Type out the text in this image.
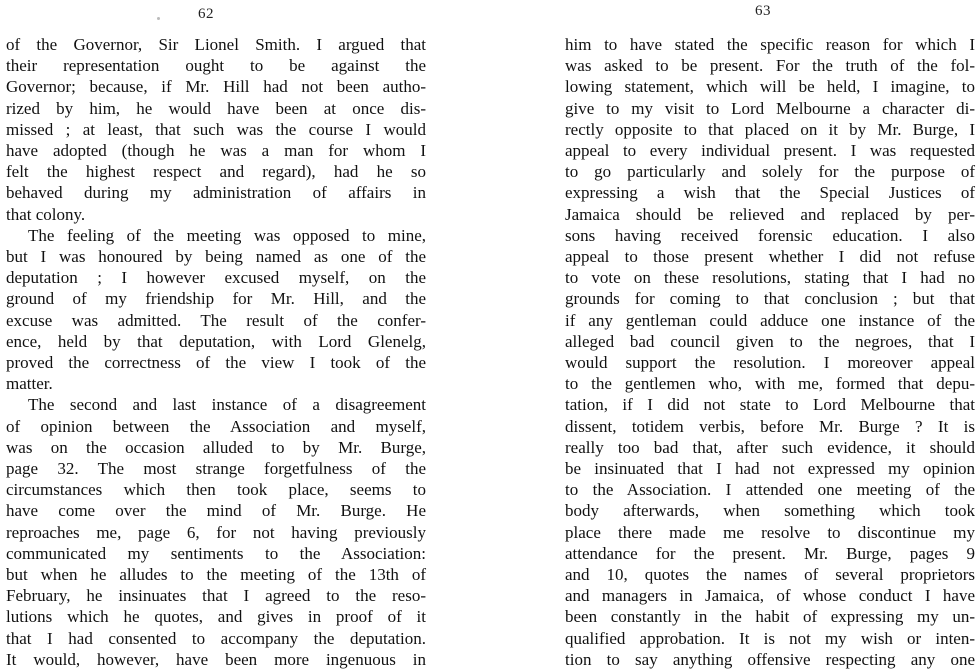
62
of the Governor, Sir Lionel Smith. I argued that
their representation ought to be against the
Governor; because, if Mr. Hill had not been autho-
rized by him, he would have been at once dis-
missed ; at least, that such was the course I would
have adopted (though he was a man for whom I
felt the highest respect and regard), had he so
behaved during my administration of affairs in
that colony.
The feeling of the meeting was opposed to mine,
but I was honoured by being named as one of the
deputation ; I however excused myself, on the
ground of my friendship for Mr. Hill, and the
excuse was admitted. The result of the confer-
ence, held by that deputation, with Lord Glenelg,
proved the correctness of the view I took of the
matter.
The second and last instance of a disagreement
of opinion between the Association and myself,
was on the occasion alluded to by Mr. Burge,
page 32. The most strange forgetfulness of the
circumstances which then took place, seems to
have come over the mind of Mr. Burge. He
reproaches me, page 6, for not having previously
communicated my sentiments to the Association:
but when he alludes to the meeting of the 13th of
February, he insinuates that I agreed to the reso-
lutions which he quotes, and gives in proof of it
that I had consented to accompany the deputation.
It would, however, have been more ingenuous in
63
him to have stated the specific reason for which I
was asked to be present. For the truth of the fol-
lowing statement, which will be held, I imagine, to
give to my visit to Lord Melbourne a character di-
rectly opposite to that placed on it by Mr. Burge, I
appeal to every individual present. I was requested
to go particularly and solely for the purpose of
expressing a wish that the Special Justices of
Jamaica should be relieved and replaced by per-
sons having received forensic education. I also
appeal to those present whether I did not refuse
to vote on these resolutions, stating that I had no
grounds for coming to that conclusion ; but that
if any gentleman could adduce one instance of the
alleged bad council given to the negroes, that I
would support the resolution. I moreover appeal
to the gentlemen who, with me, formed that depu-
tation, if I did not state to Lord Melbourne that
dissent, totidem verbis, before Mr. Burge ? It is
really too bad that, after such evidence, it should
be insinuated that I had not expressed my opinion
to the Association. I attended one meeting of the
body afterwards, when something which took
place there made me resolve to discontinue my
attendance for the present. Mr. Burge, pages 9
and 10, quotes the names of several proprietors
and managers in Jamaica, of whose conduct I have
been constantly in the habit of expressing my un-
qualified approbation. It is not my wish or inten-
tion to say anything offensive respecting any one
